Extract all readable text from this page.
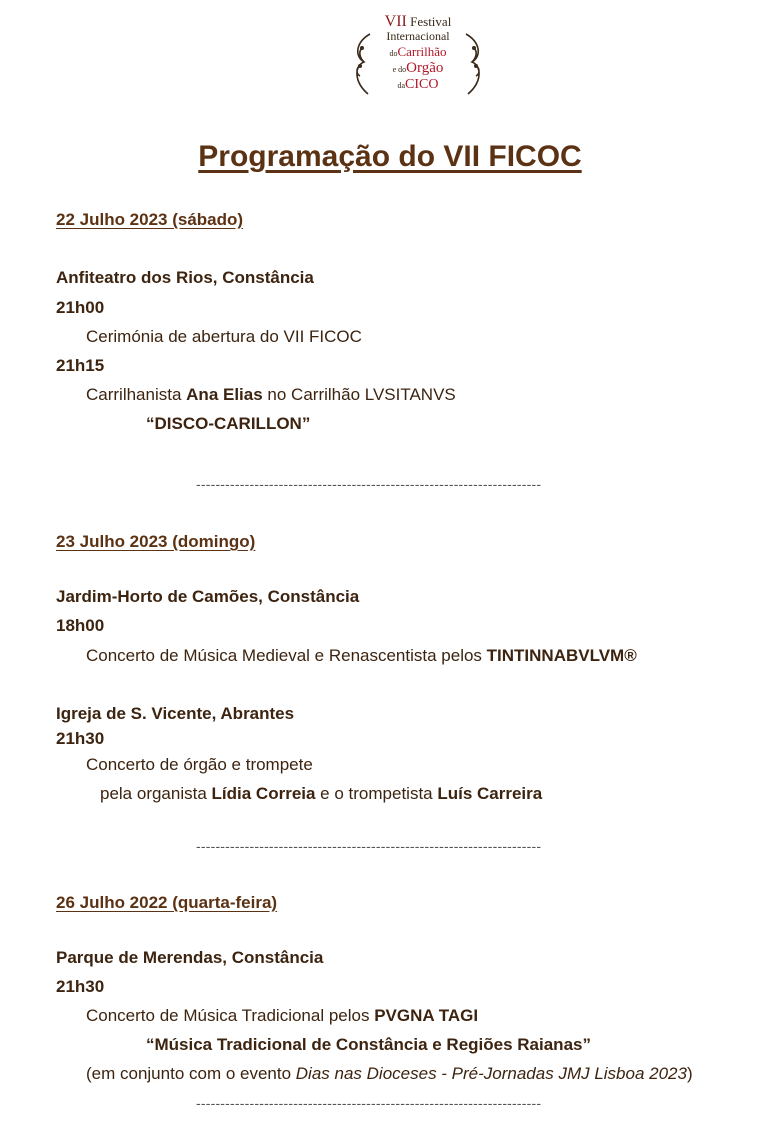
VII Festival
Internacional
doCarrilhão
e doOrgão
daCICO
Programação do VII FICOC
22 Julho 2023 (sábado)
Anfiteatro dos Rios, Constância
21h00
Cerimónia de abertura do VII FICOC
21h15
Carrilhanista Ana Elias no Carrilhão LVSITANVS
“DISCO-CARILLON”
-----------------------------------------------------------------------
23 Julho 2023 (domingo)
Jardim-Horto de Camões, Constância
18h00
Concerto de Música Medieval e Renascentista pelos TINTINNABVLVM®
Igreja de S. Vicente, Abrantes
21h30
Concerto de órgão e trompete
pela organista Lídia Correia e o trompetista Luís Carreira
-----------------------------------------------------------------------
26 Julho 2022 (quarta-feira)
Parque de Merendas, Constância
21h30
Concerto de Música Tradicional pelos PVGNA TAGI
“Música Tradicional de Constância e Regiões Raianas”
(em conjunto com o evento Dias nas Dioceses - Pré-Jornadas JMJ Lisboa 2023)
-----------------------------------------------------------------------
